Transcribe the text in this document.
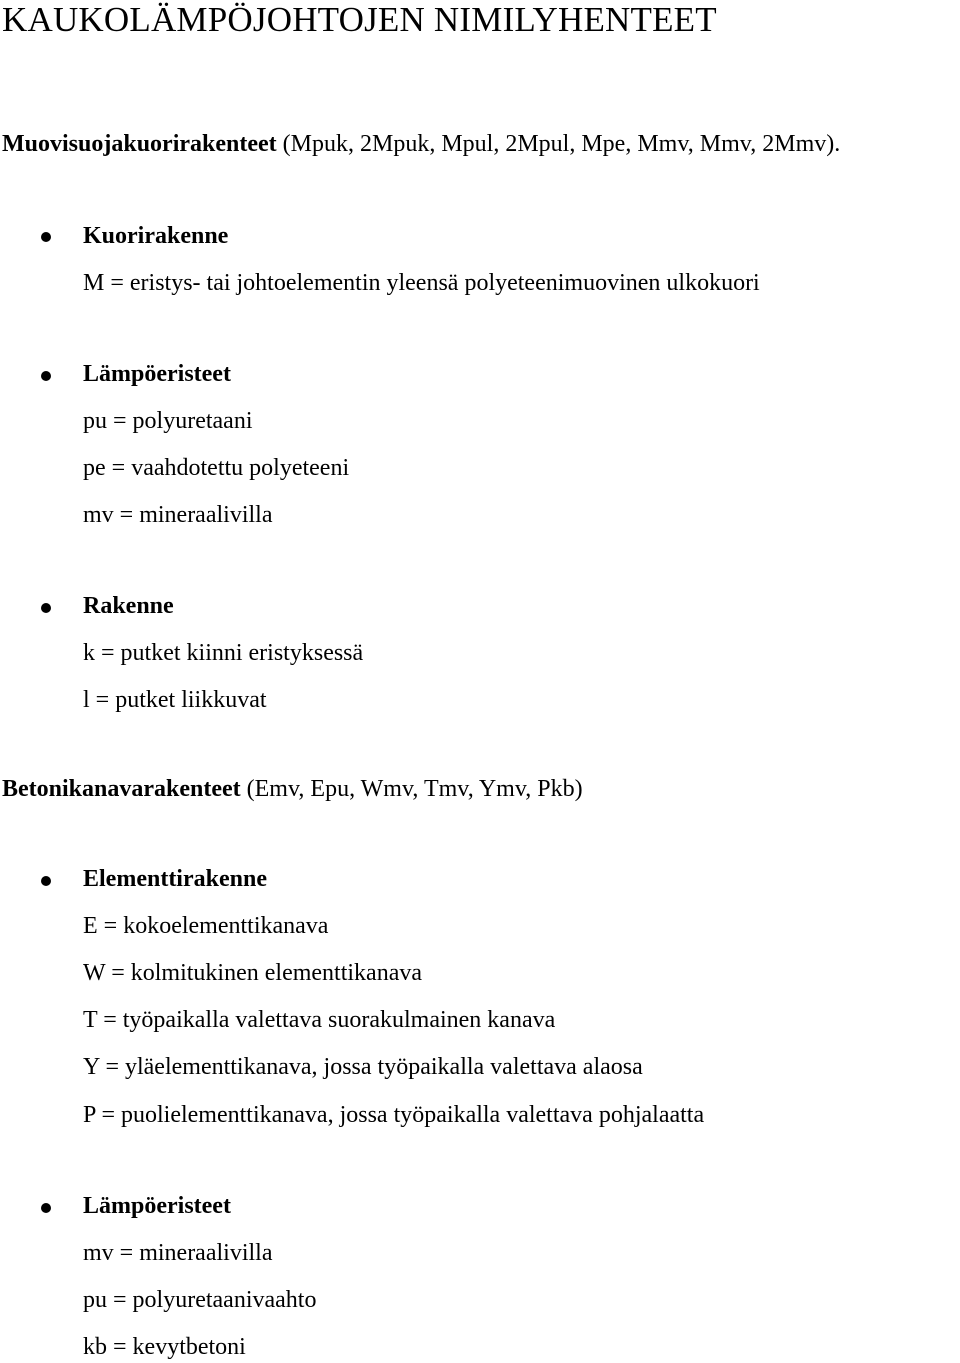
KAUKOLÄMPÖJOHTOJEN NIMILYHENTEET
Muovisuojakuorirakenteet (Mpuk, 2Mpuk, Mpul, 2Mpul, Mpe, Mmv, Mmv, 2Mmv).
Kuorirakenne
M = eristys- tai johtoelementin yleensä polyeteenimuovinen ulkokuori
Lämpöeristeet
pu = polyuretaani
pe = vaahdotettu polyeteeni
mv = mineraalivilla
Rakenne
k = putket kiinni eristyksessä
l = putket liikkuvat
Betonikanavarakenteet (Emv, Epu, Wmv, Tmv, Ymv, Pkb)
Elementtirakenne
E = kokoelementtikanava
W = kolmitukinen elementtikanava
T = työpaikalla valettava suorakulmainen kanava
Y = yläelementtikanava, jossa työpaikalla valettava alaosa
P = puolielementtikanava, jossa työpaikalla valettava pohjalaatta
Lämpöeristeet
mv = mineraalivilla
pu = polyuretaanivaahto
kb = kevytbetoni
